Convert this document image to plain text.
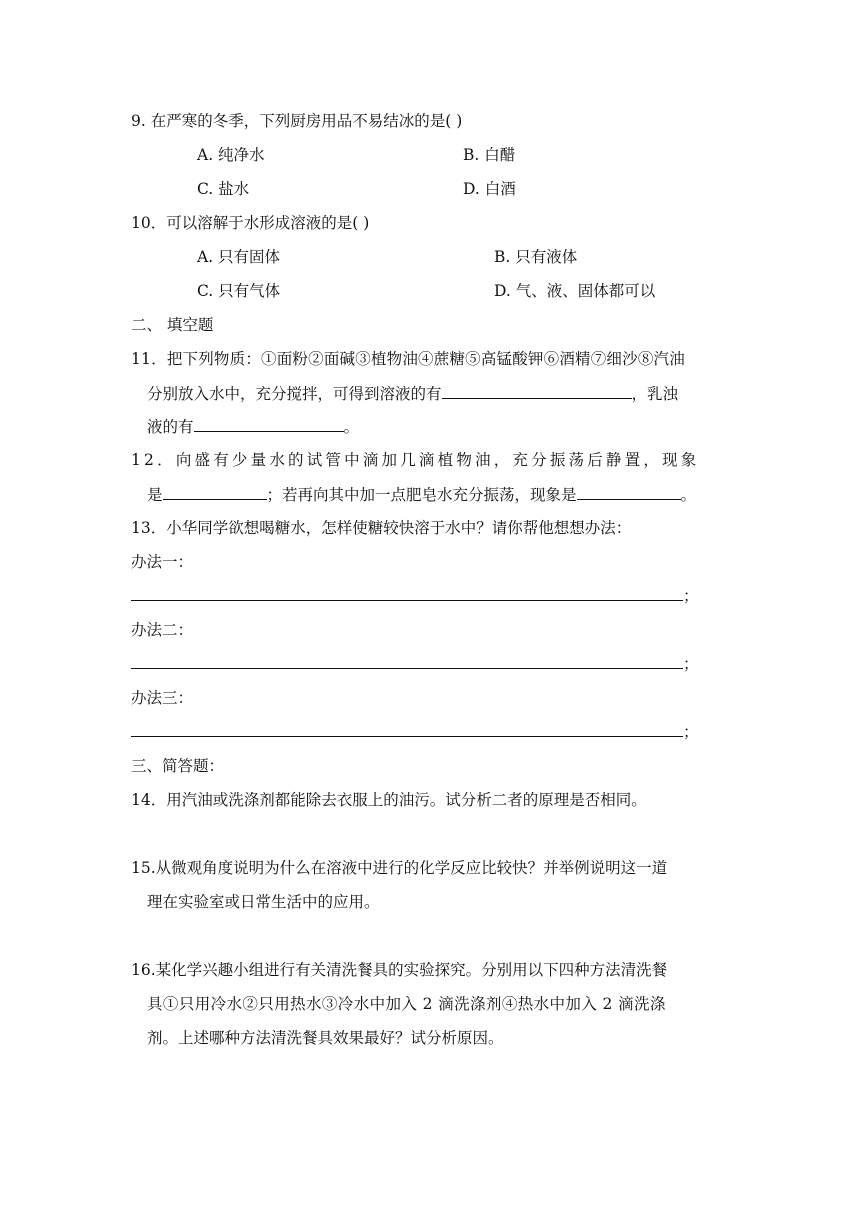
9. 在严寒的冬季，下列厨房用品不易结冰的是( )
A. 纯净水	B. 白醋
C. 盐水	D. 白酒
10．可以溶解于水形成溶液的是( )
A. 只有固体	B. 只有液体
C. 只有气体	D. 气、液、固体都可以
二、 填空题
11．把下列物质：①面粉②面碱③植物油④蔗糖⑤高锰酸钾⑥酒精⑦细沙⑧汽油
分别放入水中，充分搅拌，可得到溶液的有	，乳浊
液的有	。
12．向盛有少量水的试管中滴加几滴植物油，充分振荡后静置，现象
是	；若再向其中加一点肥皂水充分振荡，现象是	。
13．小华同学欲想喝糖水，怎样使糖较快溶于水中？请你帮他想想办法：
办法一：
；
办法二：
；
办法三：
；
三、简答题：
14．用汽油或洗涤剂都能除去衣服上的油污。试分析二者的原理是否相同。
15.从微观角度说明为什么在溶液中进行的化学反应比较快？并举例说明这一道
理在实验室或日常生活中的应用。
16.某化学兴趣小组进行有关清洗餐具的实验探究。分别用以下四种方法清洗餐
具①只用冷水②只用热水③冷水中加入 2 滴洗涤剂④热水中加入 2 滴洗涤
剂。上述哪种方法清洗餐具效果最好？试分析原因。
